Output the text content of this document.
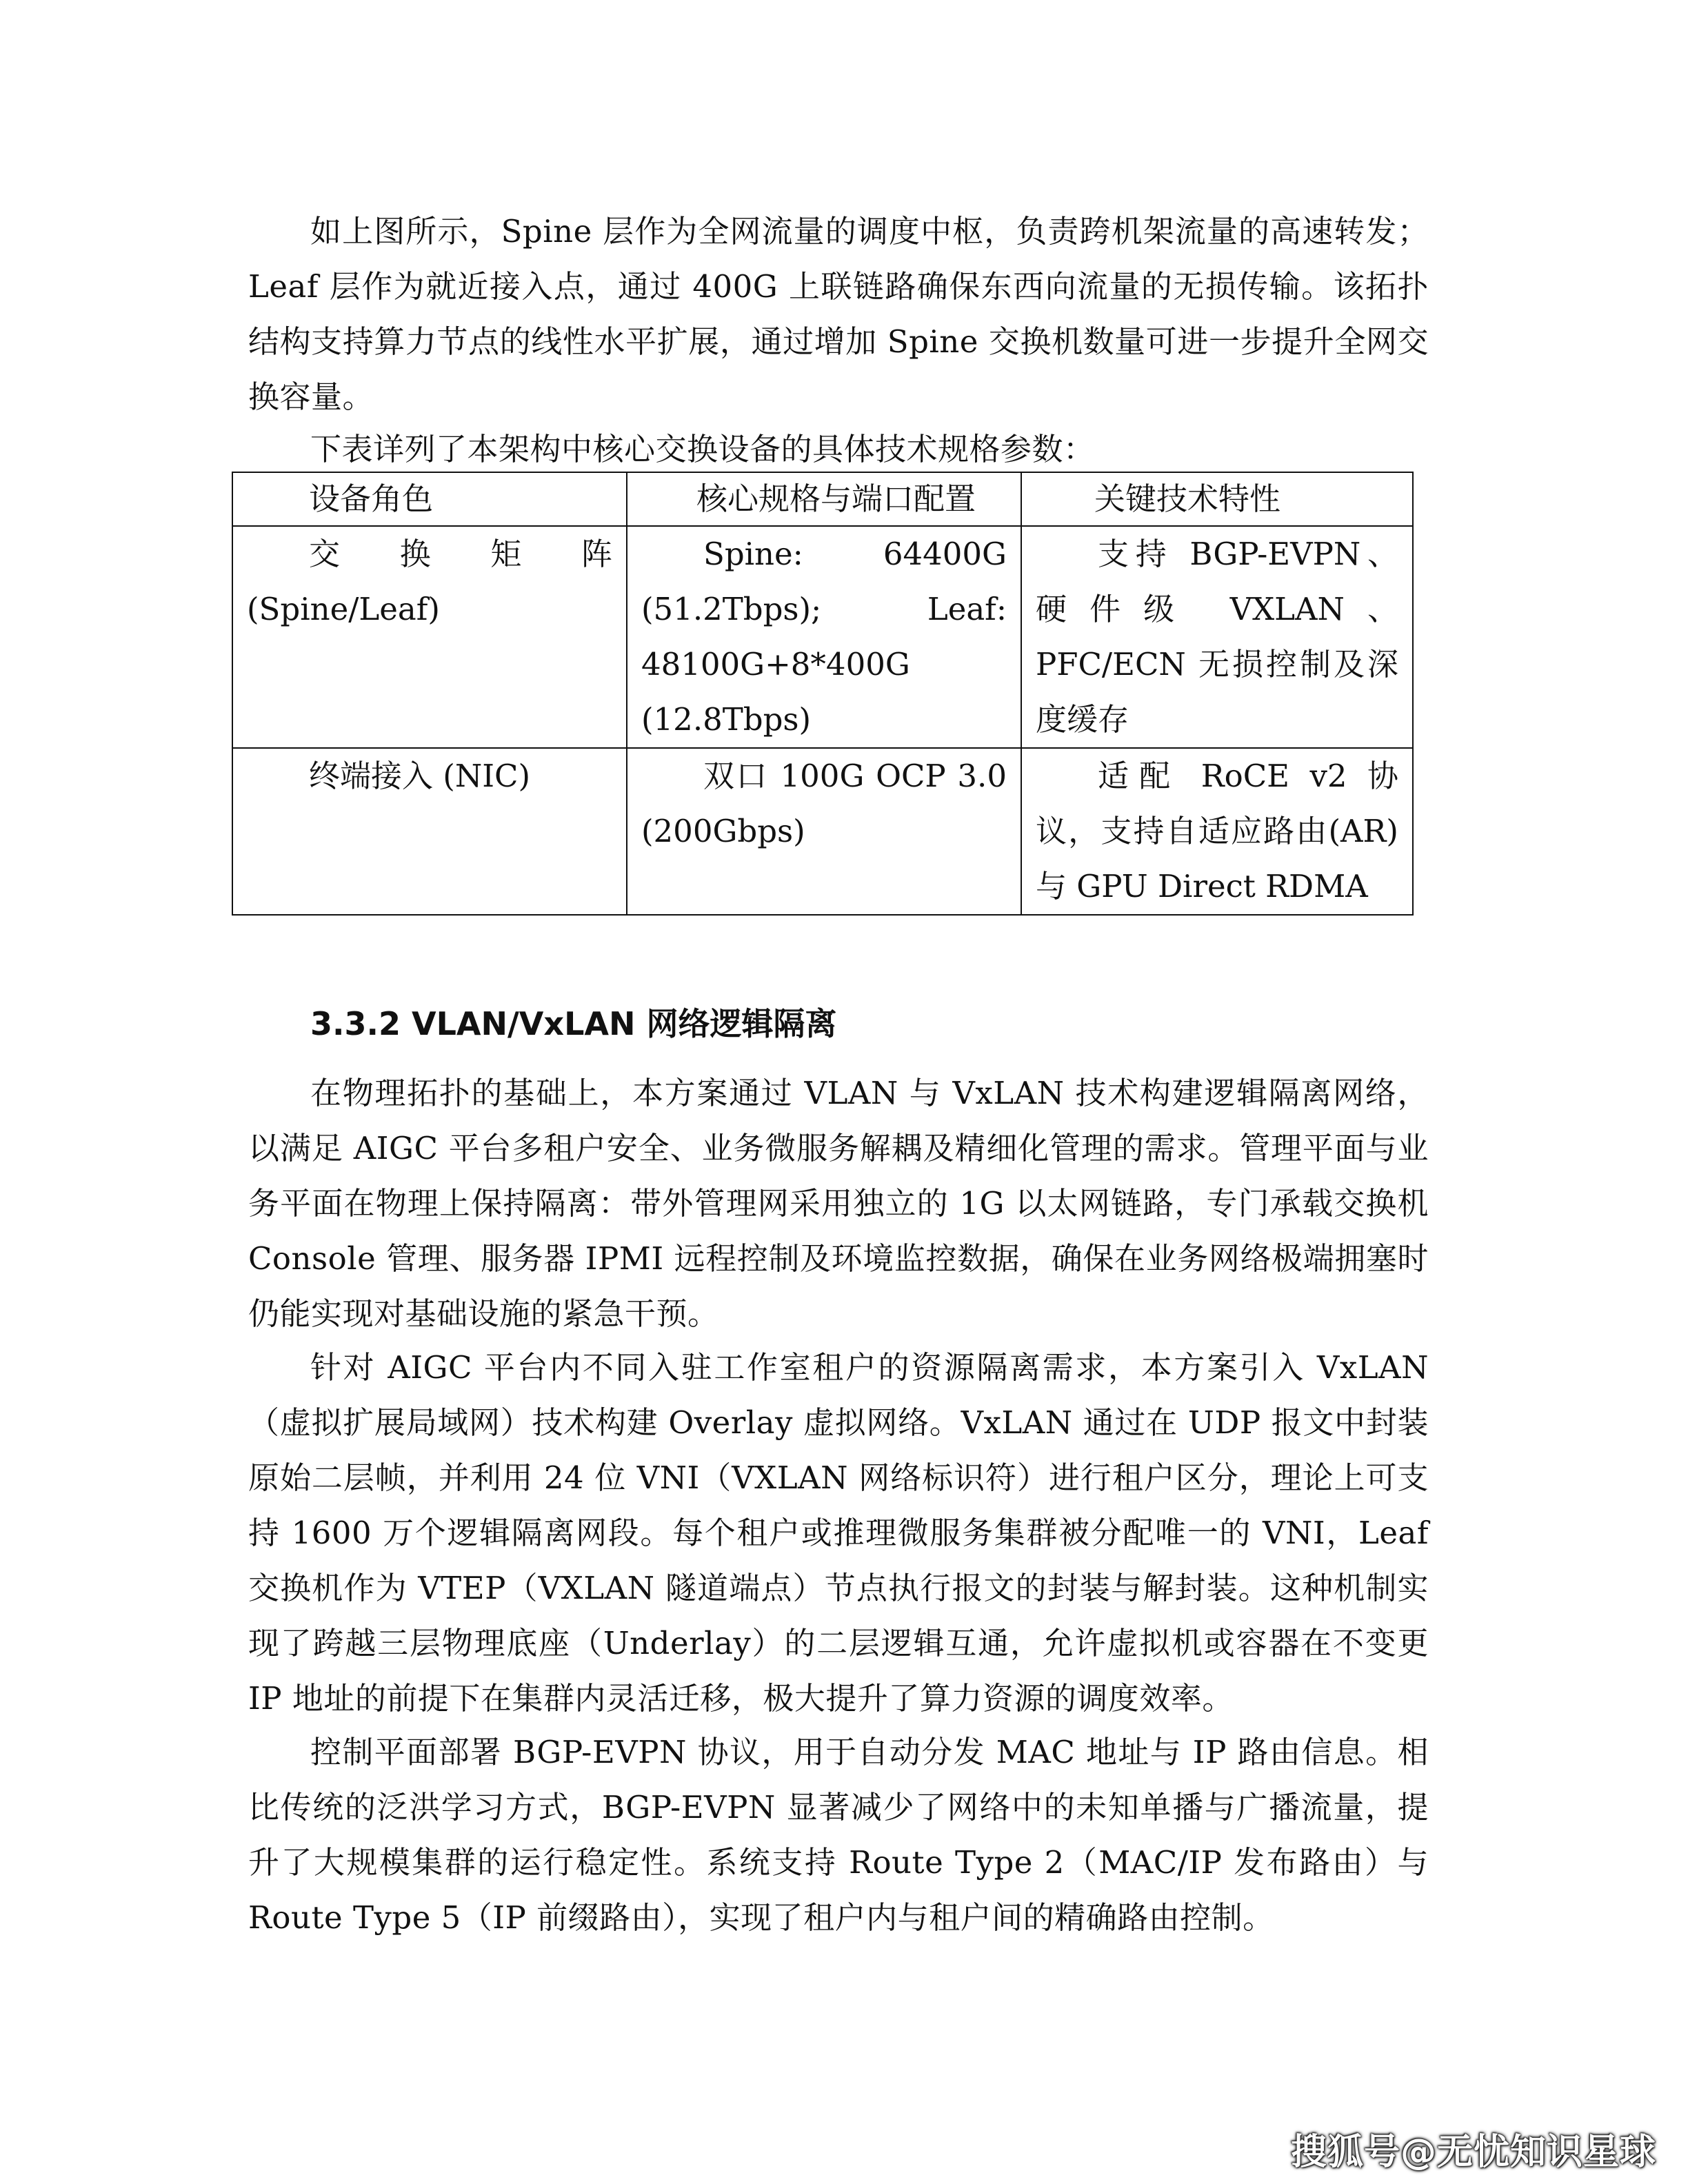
如上图所示，Spine 层作为全网流量的调度中枢，负责跨机架流量的高速转发；Leaf 层作为就近接入点，通过 400G 上联链路确保东西向流量的无损传输。该拓扑结构支持算力节点的线性水平扩展，通过增加 Spine 交换机数量可进一步提升全网交换容量。

下表详列了本架构中核心交换设备的具体技术规格参数：

设备角色	核心规格与端口配置	关键技术特性

交　换　矩　阵(Spine/Leaf)	Spine: 64400G (51.2Tbps); Leaf: 48100G+8*400G (12.8Tbps)	支持 BGP-EVPN、硬件级 VXLAN、PFC/ECN 无损控制及深度缓存

终端接入 (NIC)	双口 100G OCP 3.0 (200Gbps)	适配 RoCE v2 协议，支持自适应路由(AR)与 GPU Direct RDMA
3.3.2 VLAN/VxLAN 网络逻辑隔离

在物理拓扑的基础上，本方案通过 VLAN 与 VxLAN 技术构建逻辑隔离网络，以满足 AIGC 平台多租户安全、业务微服务解耦及精细化管理的需求。管理平面与业务平面在物理上保持隔离：带外管理网采用独立的 1G 以太网链路，专门承载交换机 Console 管理、服务器 IPMI 远程控制及环境监控数据，确保在业务网络极端拥塞时仍能实现对基础设施的紧急干预。

针对 AIGC 平台内不同入驻工作室租户的资源隔离需求，本方案引入 VxLAN（虚拟扩展局域网）技术构建 Overlay 虚拟网络。VxLAN 通过在 UDP 报文中封装原始二层帧，并利用 24 位 VNI（VXLAN 网络标识符）进行租户区分，理论上可支持 1600 万个逻辑隔离网段。每个租户或推理微服务集群被分配唯一的 VNI，Leaf 交换机作为 VTEP（VXLAN 隧道端点）节点执行报文的封装与解封装。这种机制实现了跨越三层物理底座（Underlay）的二层逻辑互通，允许虚拟机或容器在不变更 IP 地址的前提下在集群内灵活迁移，极大提升了算力资源的调度效率。

控制平面部署 BGP-EVPN 协议，用于自动分发 MAC 地址与 IP 路由信息。相比传统的泛洪学习方式，BGP-EVPN 显著减少了网络中的未知单播与广播流量，提升了大规模集群的运行稳定性。系统支持 Route Type 2（MAC/IP 发布路由）与 Route Type 5（IP 前缀路由），实现了租户内与租户间的精确路由控制。

搜狐号@无忧知识星球
